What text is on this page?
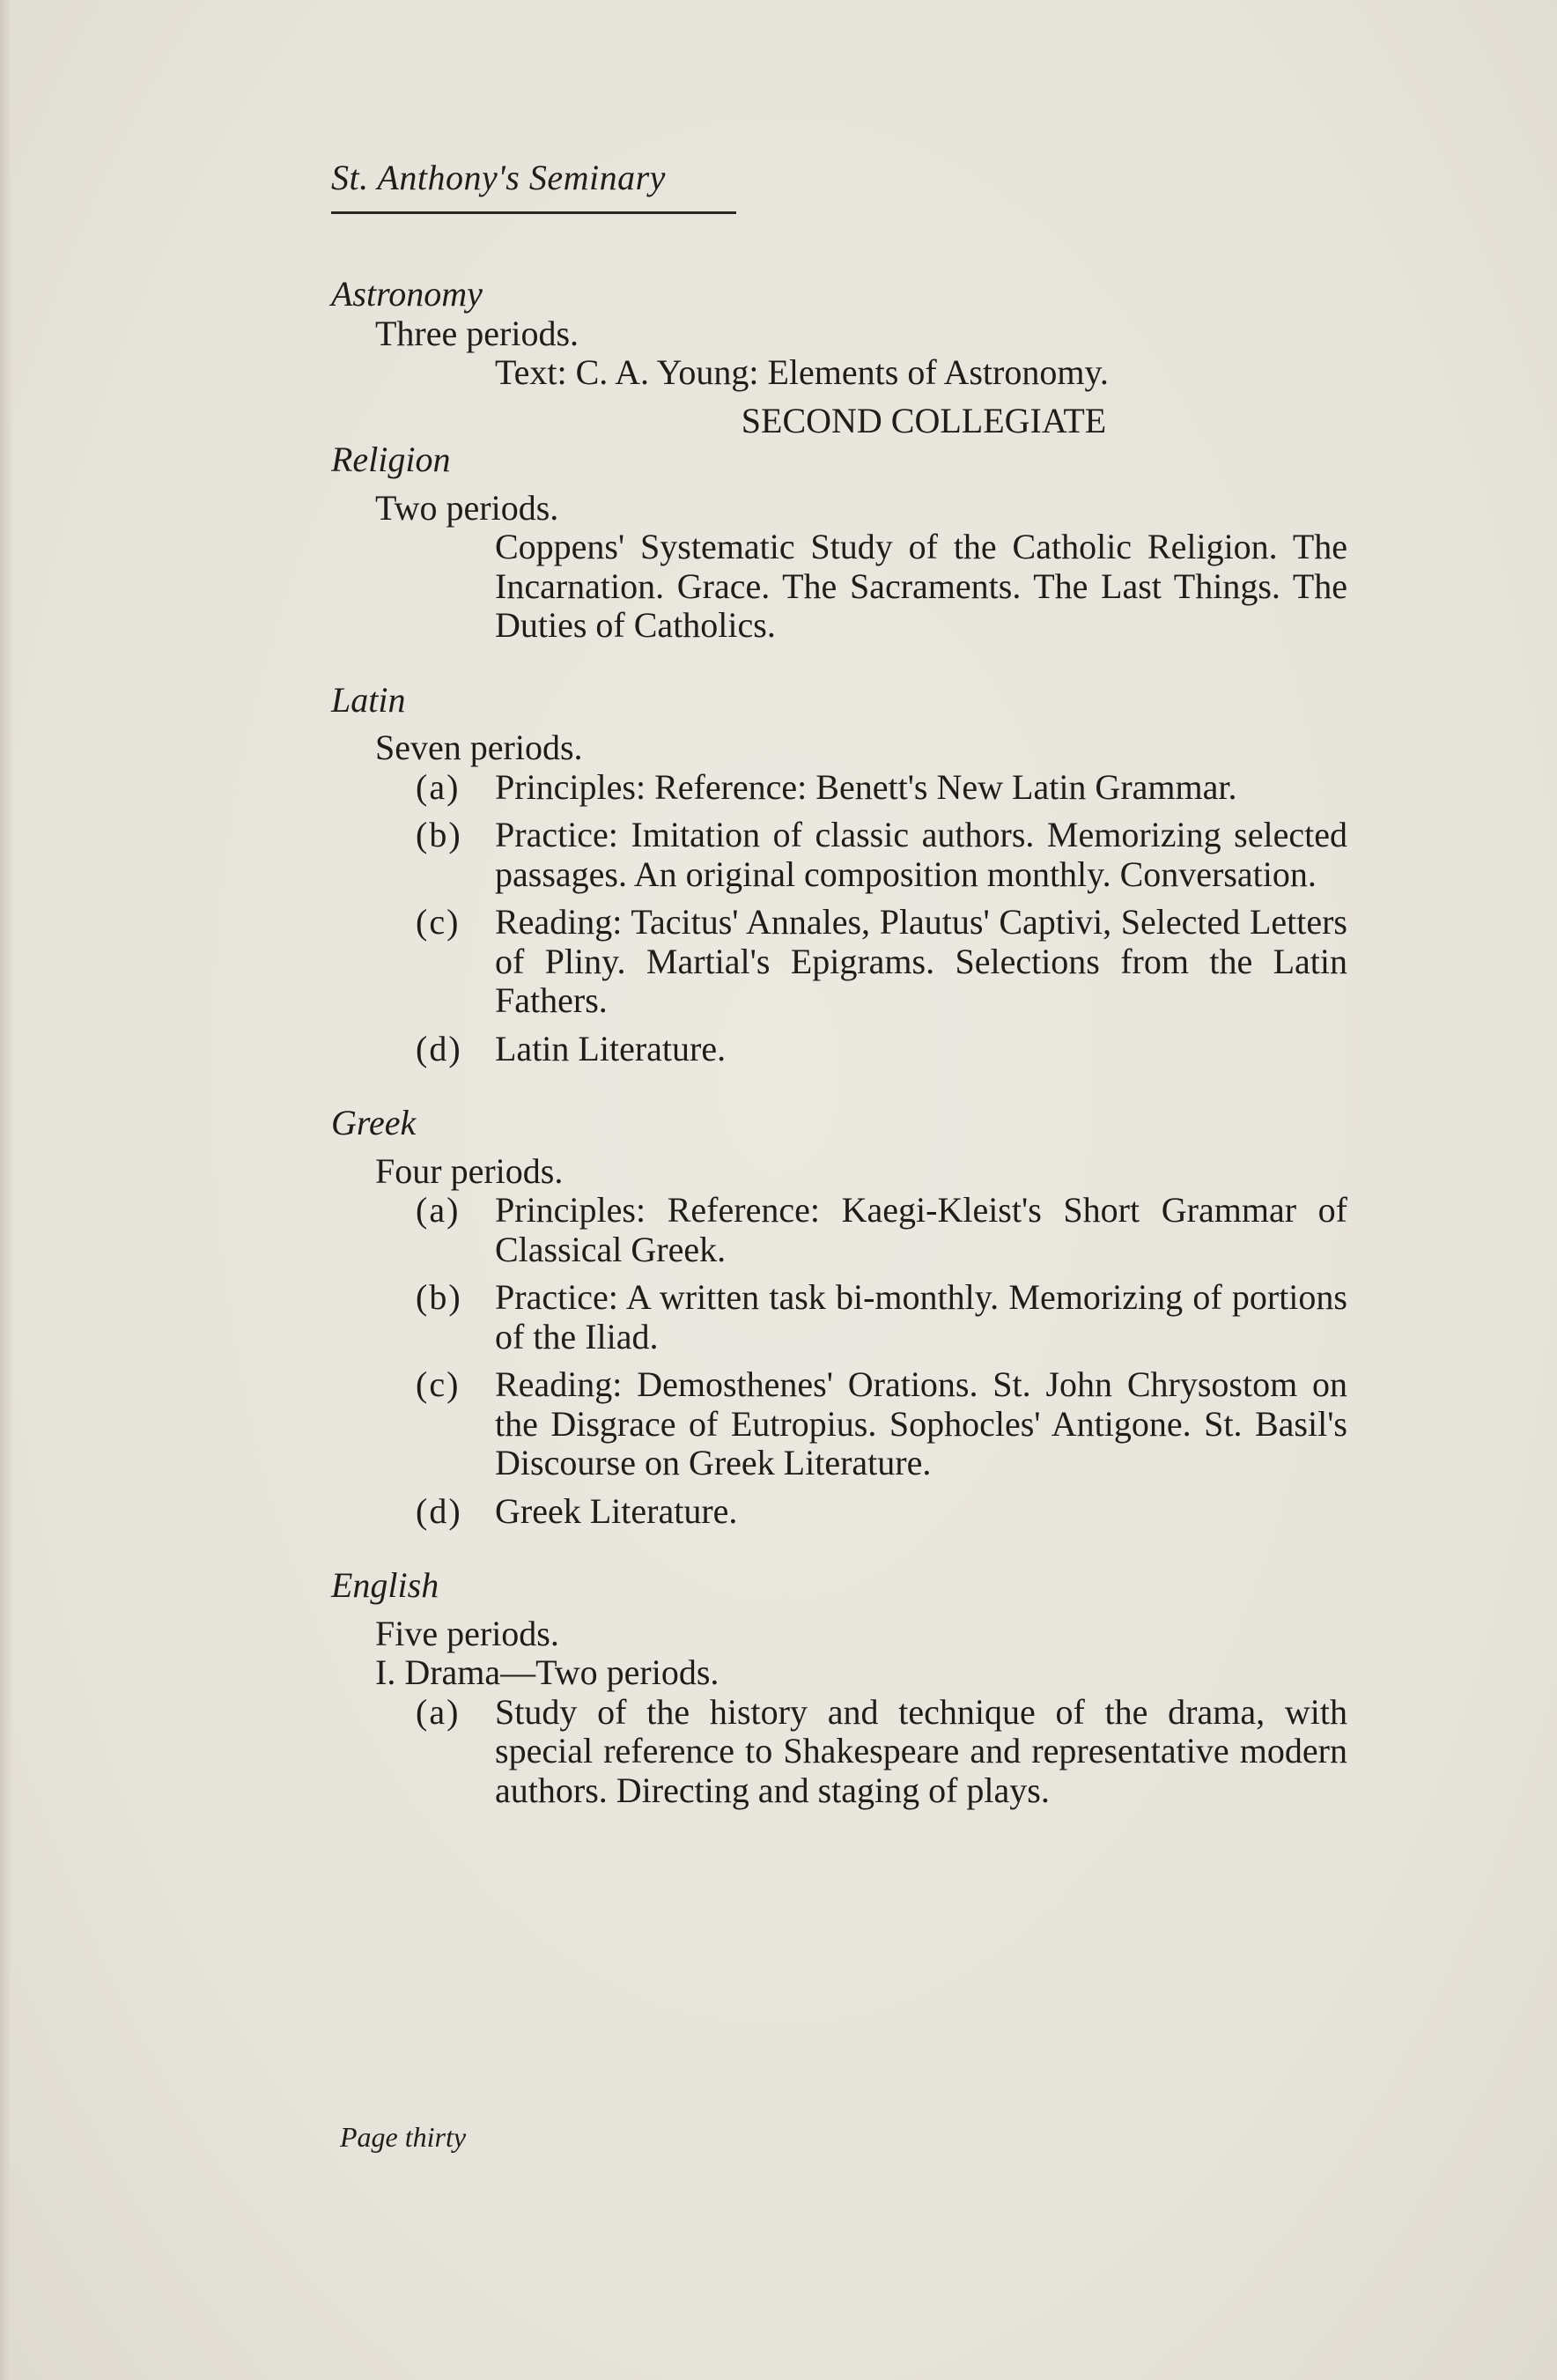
St. Anthony's Seminary
Astronomy
Three periods.
Text: C. A. Young: Elements of Astronomy.
SECOND COLLEGIATE
Religion
Two periods.
Coppens' Systematic Study of the Catholic Religion. The Incarnation. Grace. The Sacraments. The Last Things. The Duties of Catholics.
Latin
Seven periods.
(a) Principles: Reference: Benett's New Latin Grammar.
(b) Practice: Imitation of classic authors. Memorizing selected passages. An original composition monthly. Conversation.
(c) Reading: Tacitus' Annales, Plautus' Captivi, Selected Letters of Pliny. Martial's Epigrams. Selections from the Latin Fathers.
(d) Latin Literature.
Greek
Four periods.
(a) Principles: Reference: Kaegi-Kleist's Short Grammar of Classical Greek.
(b) Practice: A written task bi-monthly. Memorizing of portions of the Iliad.
(c) Reading: Demosthenes' Orations. St. John Chrysostom on the Disgrace of Eutropius. Sophocles' Antigone. St. Basil's Discourse on Greek Literature.
(d) Greek Literature.
English
Five periods.
I. Drama—Two periods.
(a) Study of the history and technique of the drama, with special reference to Shakespeare and representative modern authors. Directing and staging of plays.
Page thirty
